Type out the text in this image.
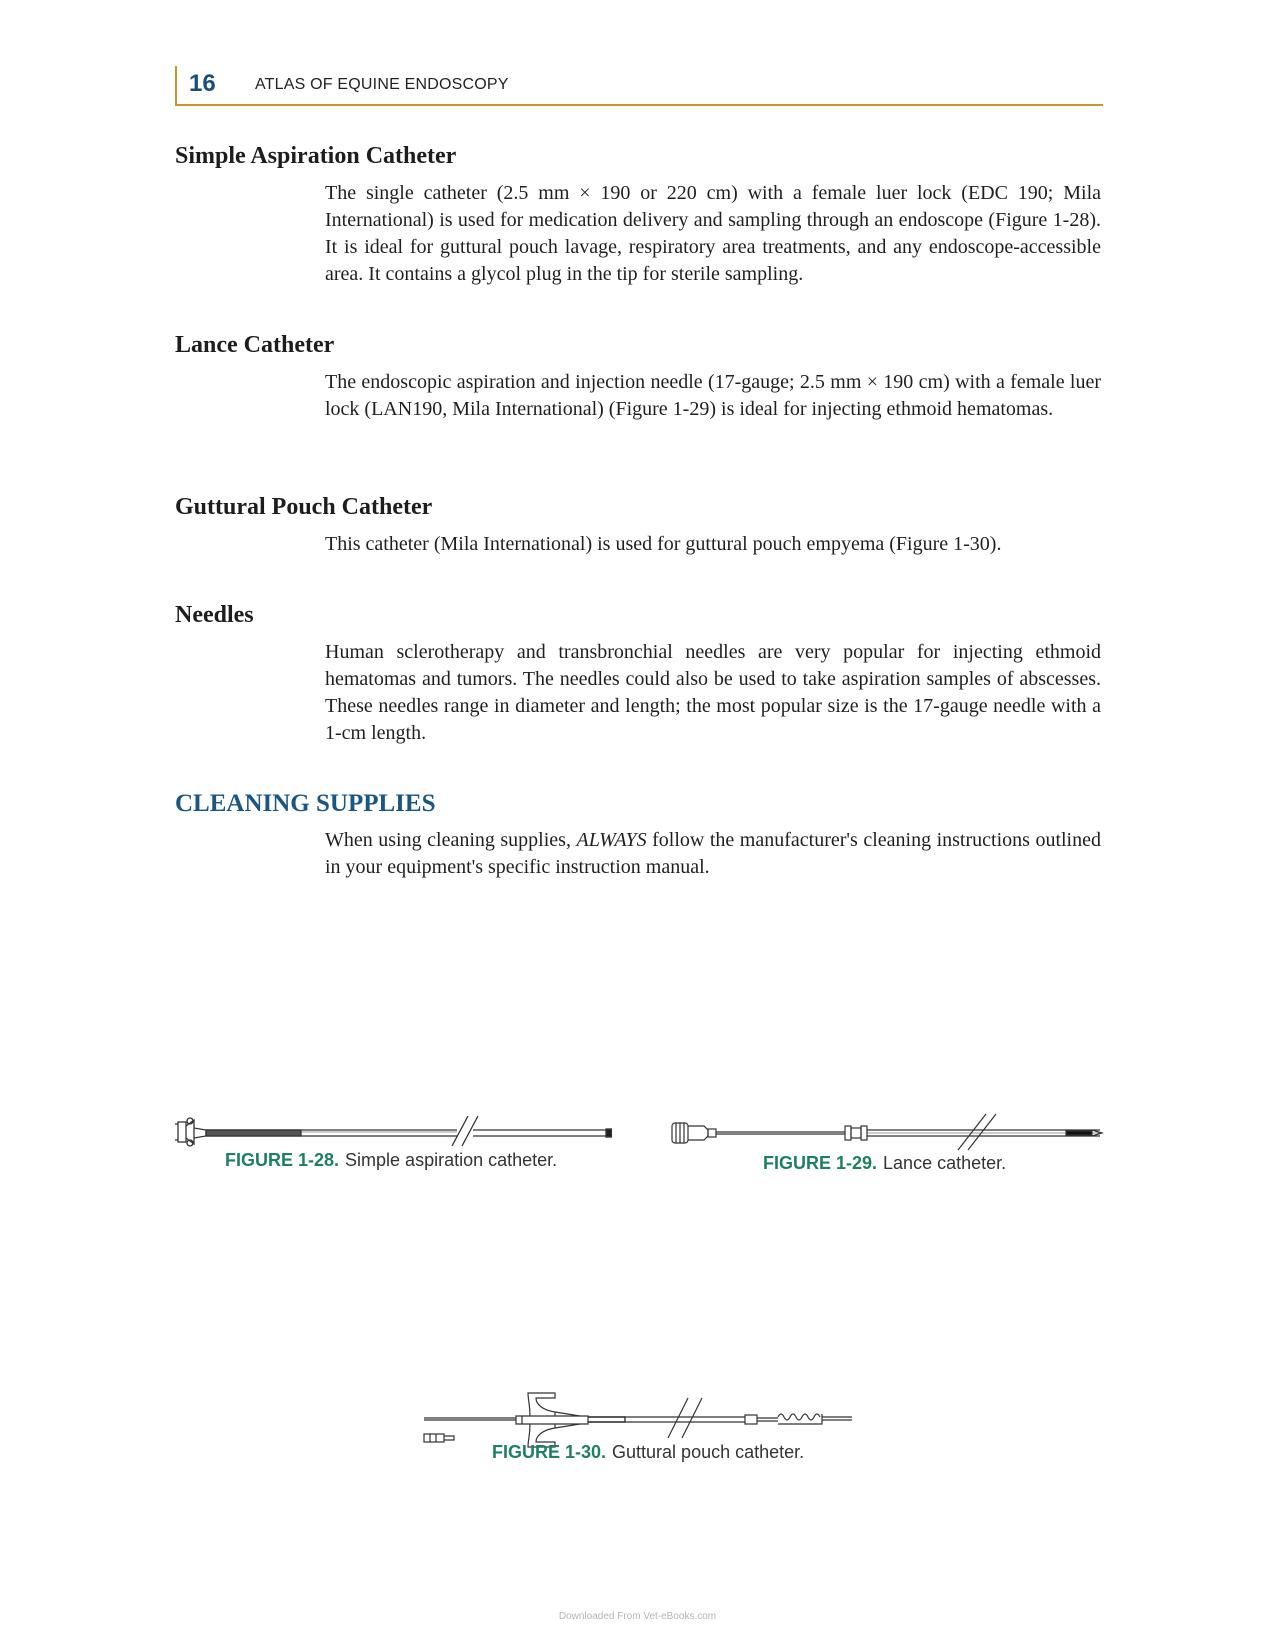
16 ATLAS OF EQUINE ENDOSCOPY
Simple Aspiration Catheter

The single catheter (2.5 mm × 190 or 220 cm) with a female luer lock (EDC 190; Mila International) is used for medication delivery and sampling through an endoscope (Figure 1-28). It is ideal for guttural pouch lavage, respiratory area treatments, and any endoscope-accessible area. It contains a glycol plug in the tip for sterile sampling.

Lance Catheter

The endoscopic aspiration and injection needle (17-gauge; 2.5 mm × 190 cm) with a female luer lock (LAN190, Mila International) (Figure 1-29) is ideal for injecting ethmoid hematomas.

Guttural Pouch Catheter

This catheter (Mila International) is used for guttural pouch empyema (Figure 1-30).

Needles

Human sclerotherapy and transbronchial needles are very popular for injecting ethmoid hematomas and tumors. The needles could also be used to take aspiration samples of abscesses. These needles range in diameter and length; the most popular size is the 17-gauge needle with a 1-cm length.

CLEANING SUPPLIES

When using cleaning supplies, ALWAYS follow the manufacturer's cleaning instructions outlined in your equipment's specific instruction manual.

FIGURE 1-28. Simple aspiration catheter.	FIGURE 1-29. Lance catheter.
FIGURE 1-30. Guttural pouch catheter.
Downloaded From Vet-eBooks.com
